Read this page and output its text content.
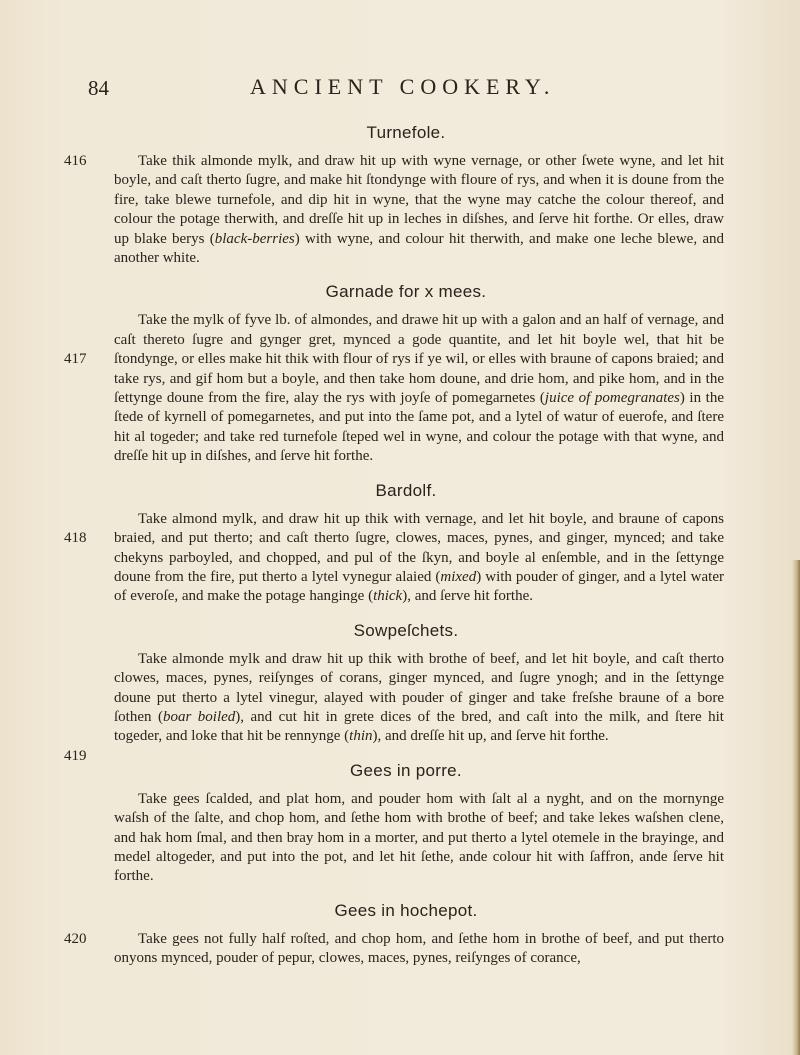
84	ANCIENT COOKERY.
Turnefole.

416	Take thik almonde mylk, and draw hit up with wyne vernage, or other ſwete wyne, and let hit boyle, and caſt therto ſugre, and make hit ſtondynge with floure of rys, and when it is doune from the fire, take blewe turnefole, and dip hit in wyne, that the wyne may catche the colour thereof, and colour the potage therwith, and dreſſe hit up in leches in diſshes, and ſerve hit forthe. Or elles, draw up blake berys (black-berries) with wyne, and colour hit therwith, and make one leche blewe, and another white.

Garnade for x mees.

417
Take the mylk of fyve lb. of almondes, and drawe hit up with a galon and an half of vernage, and caſt thereto ſugre and gynger gret, mynced a gode quantite, and let hit boyle wel, that hit be ſtondynge, or elles make hit thik with flour of rys if ye wil, or elles with braune of capons braied; and take rys, and gif hom but a boyle, and then take hom doune, and drie hom, and pike hom, and in the ſettynge doune from the fire, alay the rys with joyſe of pomegarnetes (juice of pomegranates) in the ſtede of kyrnell of pomegarnetes, and put into the ſame pot, and a lytel of watur of euerofe, and ſtere hit al togeder; and take red turnefole ſteped wel in wyne, and colour the potage with that wyne, and dreſſe hit up in diſshes, and ſerve hit forthe.

Bardolf.

418
Take almond mylk, and draw hit up thik with vernage, and let hit boyle, and braune of capons braied, and put therto; and caſt therto ſugre, clowes, maces, pynes, and ginger, mynced; and take chekyns parboyled, and chopped, and pul of the ſkyn, and boyle al enſemble, and in the ſettynge doune from the fire, put therto a lytel vynegur alaied (mixed) with pouder of ginger, and a lytel water of everoſe, and make the potage hanginge (thick), and ſerve hit forthe.

Sowpeſchets.

419
Take almonde mylk and draw hit up thik with brothe of beef, and let hit boyle, and caſt therto clowes, maces, pynes, reiſynges of corans, ginger mynced, and ſugre ynogh; and in the ſettynge doune put therto a lytel vinegur, alayed with pouder of ginger and take freſshe braune of a bore ſothen (boar boiled), and cut hit in grete dices of the bred, and caſt into the milk, and ſtere hit togeder, and loke that hit be rennynge (thin), and dreſſe hit up, and ſerve hit forthe.

Gees in porre.

Take gees ſcalded, and plat hom, and pouder hom with ſalt al a nyght, and on the mornynge waſsh of the ſalte, and chop hom, and ſethe hom with brothe of beef; and take lekes waſshen clene, and hak hom ſmal, and then bray hom in a morter, and put therto a lytel otemele in the brayinge, and medel altogeder, and put into the pot, and let hit ſethe, ande colour hit with ſaffron, ande ſerve hit forthe.

Gees in hochepot.

420	Take gees not fully half roſted, and chop hom, and ſethe hom in brothe of beef, and put therto onyons mynced, pouder of pepur, clowes, maces, pynes, reiſynges of corance,
